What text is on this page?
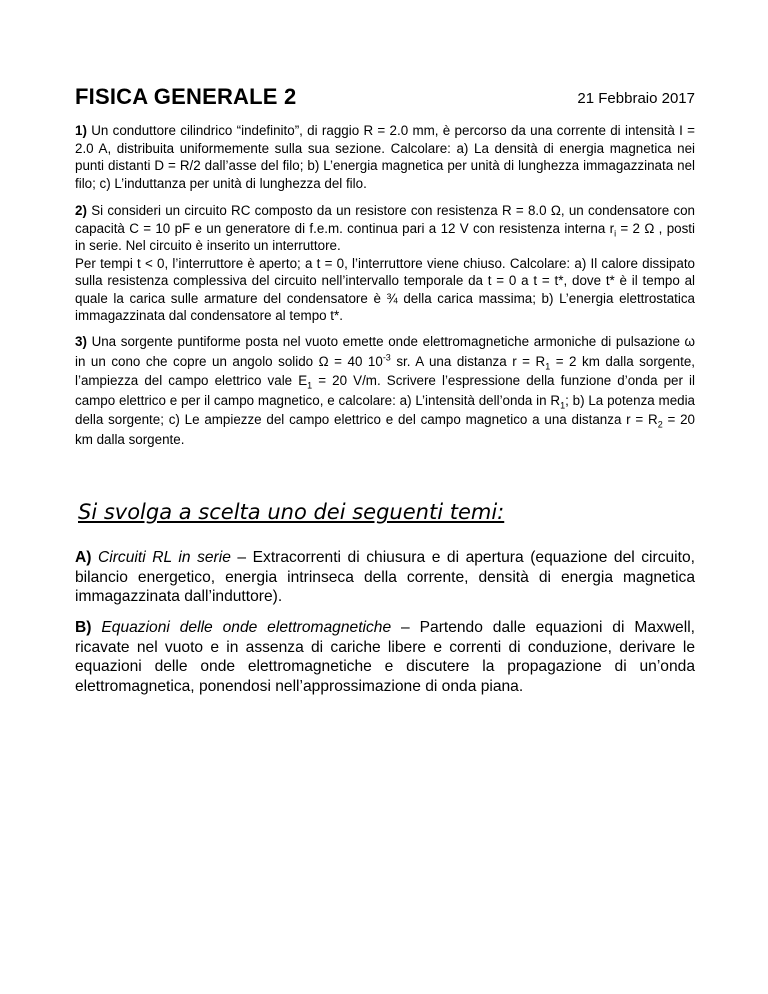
FISICA GENERALE 2	21 Febbraio 2017

1) Un conduttore cilindrico “indefinito”, di raggio R = 2.0 mm, è percorso da una corrente di intensità I = 2.0 A, distribuita uniformemente sulla sua sezione. Calcolare: a) La densità di energia magnetica nei punti distanti D = R/2 dall’asse del filo; b) L’energia magnetica per unità di lunghezza immagazzinata nel filo; c) L’induttanza per unità di lunghezza del filo.

2) Si consideri un circuito RC composto da un resistore con resistenza R = 8.0 Ω, un condensatore con capacità C = 10 pF e un generatore di f.e.m. continua pari a 12 V con resistenza interna $r_i = 2$ Ω , posti in serie. Nel circuito è inserito un interruttore.
Per tempi t < 0, l’interruttore è aperto; a t = 0, l’interruttore viene chiuso. Calcolare: a) Il calore dissipato sulla resistenza complessiva del circuito nell’intervallo temporale da t = 0 a t = t*, dove t* è il tempo al quale la carica sulle armature del condensatore è ¾ della carica massima; b) L’energia elettrostatica immagazzinata dal condensatore al tempo t*.

3) Una sorgente puntiforme posta nel vuoto emette onde elettromagnetiche armoniche di pulsazione ω in un cono che copre un angolo solido Ω = 40 $10^{-3}$ sr. A una distanza $r = R_1 = 2$ km dalla sorgente, l’ampiezza del campo elettrico vale $E_1 = 20$ V/m. Scrivere l’espressione della funzione d’onda per il campo elettrico e per il campo magnetico, e calcolare: a) L’intensità dell’onda in $R_1$; b) La potenza media della sorgente; c) Le ampiezze del campo elettrico e del campo magnetico a una distanza $r = R_2 = 20$ km dalla sorgente.

Si svolga a scelta uno dei seguenti temi:

A) Circuiti RL in serie – Extracorrenti di chiusura e di apertura (equazione del circuito, bilancio energetico, energia intrinseca della corrente, densità di energia magnetica immagazzinata dall’induttore).

B) Equazioni delle onde elettromagnetiche – Partendo dalle equazioni di Maxwell, ricavate nel vuoto e in assenza di cariche libere e correnti di conduzione, derivare le equazioni delle onde elettromagnetiche e discutere la propagazione di un’onda elettromagnetica, ponendosi nell’approssimazione di onda piana.
